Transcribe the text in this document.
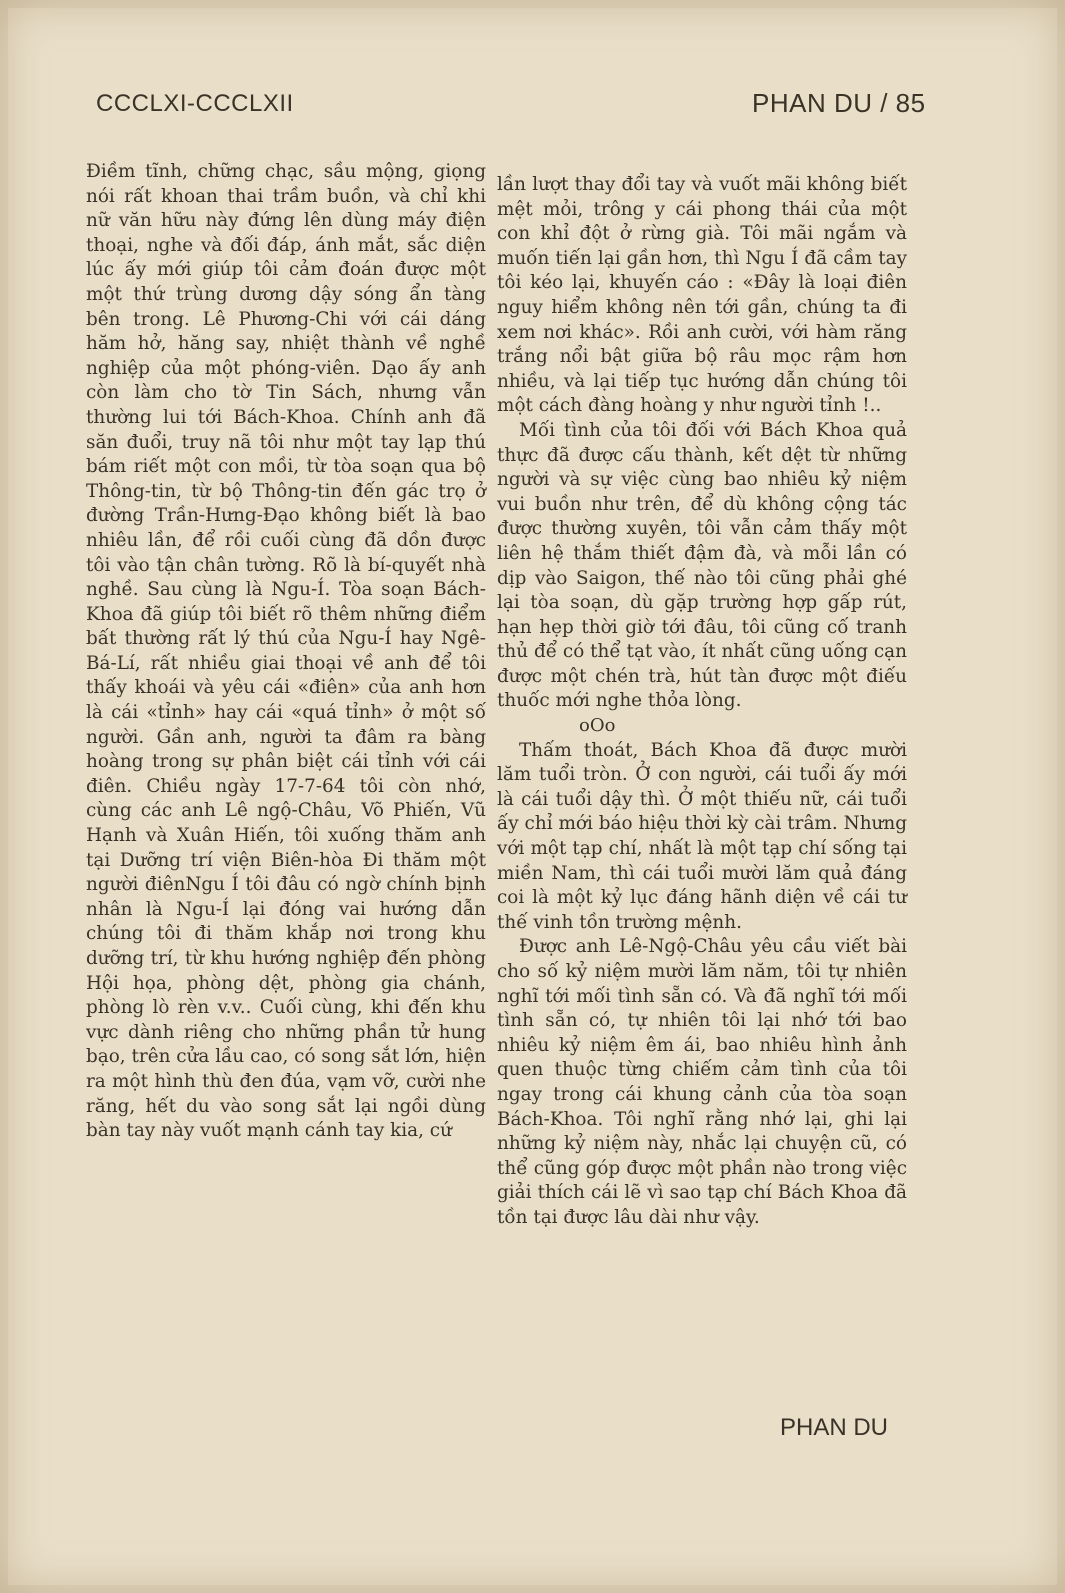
CCCLXI-CCCLXII	PHAN DU / 85

Điềm tĩnh, chững chạc, sầu mộng, giọng nói rất khoan thai trầm buồn, và chỉ khi nữ văn hữu này đứng lên dùng máy điện thoại, nghe và đối đáp, ánh mắt, sắc diện lúc ấy mới giúp tôi cảm đoán được một một thứ trùng dương dậy sóng ẩn tàng bên trong. Lê Phương-Chi với cái dáng hăm hở, hăng say, nhiệt thành về nghề nghiệp của một phóng-viên. Dạo ấy anh còn làm cho tờ Tin Sách, nhưng vẫn thường lui tới Bách-Khoa. Chính anh đã săn đuổi, truy nã tôi như một tay lạp thú bám riết một con mồi, từ tòa soạn qua bộ Thông-tin, từ bộ Thông-tin đến gác trọ ở đường Trần-Hưng-Đạo không biết là bao nhiêu lần, để rồi cuối cùng đã dồn được tôi vào tận chân tường. Rõ là bí-quyết nhà nghề. Sau cùng là Ngu-Í. Tòa soạn Bách-Khoa đã giúp tôi biết rõ thêm những điểm bất thường rất lý thú của Ngu-Í hay Ngê-Bá-Lí, rất nhiều giai thoại về anh để tôi thấy khoái và yêu cái «điên» của anh hơn là cái «tỉnh» hay cái «quá tỉnh» ở một số người. Gần anh, người ta đâm ra bàng hoàng trong sự phân biệt cái tỉnh với cái điên. Chiều ngày 17-7-64 tôi còn nhớ, cùng các anh Lê ngộ-Châu, Võ Phiến, Vũ Hạnh và Xuân Hiến, tôi xuống thăm anh tại Dưỡng trí viện Biên-hòa Đi thăm một người điênNgu Í tôi đâu có ngờ chính bịnh nhân là Ngu-Í lại đóng vai hướng dẫn chúng tôi đi thăm khắp nơi trong khu dưỡng trí, từ khu hướng nghiệp đến phòng Hội họa, phòng dệt, phòng gia chánh, phòng lò rèn v.v.. Cuối cùng, khi đến khu vực dành riêng cho những phần tử hung bạo, trên cửa lầu cao, có song sắt lớn, hiện ra một hình thù đen đúa, vạm vỡ, cười nhe răng, hết du vào song sắt lại ngồi dùng bàn tay này vuốt mạnh cánh tay kia, cứ

lần lượt thay đổi tay và vuốt mãi không biết mệt mỏi, trông y cái phong thái của một con khỉ đột ở rừng già. Tôi mãi ngắm và muốn tiến lại gần hơn, thì Ngu Í đã cầm tay tôi kéo lại, khuyến cáo : «Đây là loại điên nguy hiểm không nên tới gần, chúng ta đi xem nơi khác». Rồi anh cười, với hàm răng trắng nổi bật giữa bộ râu mọc rậm hơn nhiều, và lại tiếp tục hướng dẫn chúng tôi một cách đàng hoàng y như người tỉnh !..

Mối tình của tôi đối với Bách Khoa quả thực đã được cấu thành, kết dệt từ những người và sự việc cùng bao nhiêu kỷ niệm vui buồn như trên, để dù không cộng tác được thường xuyên, tôi vẫn cảm thấy một liên hệ thắm thiết đậm đà, và mỗi lần có dịp vào Saigon, thế nào tôi cũng phải ghé lại tòa soạn, dù gặp trường hợp gấp rút, hạn hẹp thời giờ tới đâu, tôi cũng cố tranh thủ để có thể tạt vào, ít nhất cũng uống cạn được một chén trà, hút tàn được một điếu thuốc mới nghe thỏa lòng.

oOo

Thấm thoát, Bách Khoa đã được mười lăm tuổi tròn. Ở con người, cái tuổi ấy mới là cái tuổi dậy thì. Ở một thiếu nữ, cái tuổi ấy chỉ mới báo hiệu thời kỳ cài trâm. Nhưng với một tạp chí, nhất là một tạp chí sống tại miền Nam, thì cái tuổi mười lăm quả đáng coi là một kỷ lục đáng hãnh diện về cái tư thế vinh tồn trường mệnh.

Được anh Lê-Ngộ-Châu yêu cầu viết bài cho số kỷ niệm mười lăm năm, tôi tự nhiên nghĩ tới mối tình sẵn có. Và đã nghĩ tới mối tình sẵn có, tự nhiên tôi lại nhớ tới bao nhiêu kỷ niệm êm ái, bao nhiêu hình ảnh quen thuộc từng chiếm cảm tình của tôi ngay trong cái khung cảnh của tòa soạn Bách-Khoa. Tôi nghĩ rằng nhớ lại, ghi lại những kỷ niệm này, nhắc lại chuyện cũ, có thể cũng góp được một phần nào trong việc giải thích cái lẽ vì sao tạp chí Bách Khoa đã tồn tại được lâu dài như vậy.

PHAN DU
